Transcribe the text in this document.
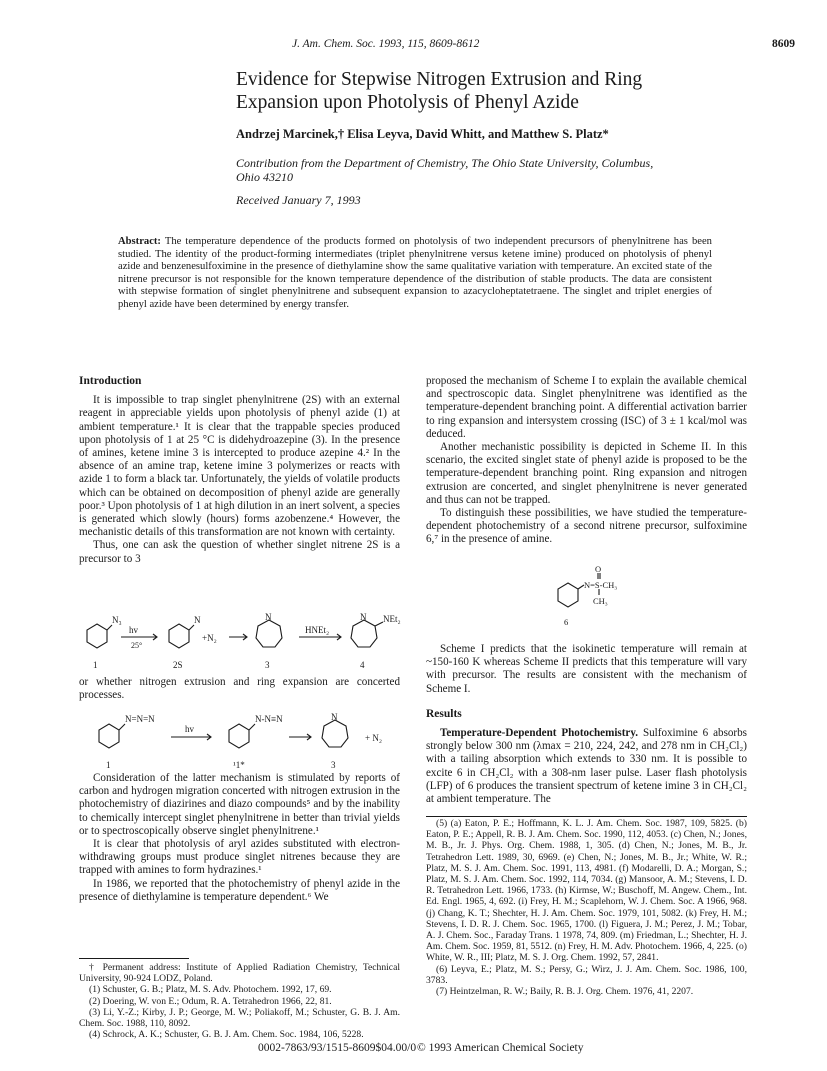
J. Am. Chem. Soc. 1993, 115, 8609-8612	8609
Evidence for Stepwise Nitrogen Extrusion and Ring Expansion upon Photolysis of Phenyl Azide
Andrzej Marcinek,† Elisa Leyva, David Whitt, and Matthew S. Platz*
Contribution from the Department of Chemistry, The Ohio State University, Columbus, Ohio 43210
Received January 7, 1993
Abstract: The temperature dependence of the products formed on photolysis of two independent precursors of phenylnitrene has been studied. The identity of the product-forming intermediates (triplet phenylnitrene versus ketene imine) produced on photolysis of phenyl azide and benzenesulfoximine in the presence of diethylamine show the same qualitative variation with temperature. An excited state of the nitrene precursor is not responsible for the known temperature dependence of the distribution of stable products. The data are consistent with stepwise formation of singlet phenylnitrene and subsequent expansion to azacycloheptatetraene. The singlet and triplet energies of phenyl azide have been determined by energy transfer.
Introduction

It is impossible to trap singlet phenylnitrene (2S) with an external reagent in appreciable yields upon photolysis of phenyl azide (1) at ambient temperature.¹ It is clear that the trappable species produced upon photolysis of 1 at 25 °C is didehydroazepine (3). In the presence of amines, ketene imine 3 is intercepted to produce azepine 4.² In the absence of an amine trap, ketene imine 3 polymerizes or reacts with azide 1 to form a black tar. Unfortunately, the yields of volatile products which can be obtained on decomposition of phenyl azide are generally poor.³ Upon photolysis of 1 at high dilution in an inert solvent, a species is generated which slowly (hours) forms azobenzene.⁴ However, the mechanistic details of this transformation are not known with certainty.

Thus, one can ask the question of whether singlet nitrene 2S is a precursor to 3

N₃
hv
25°
N
+N₂
N
HNEt₂
N NEt₂
1	2S	3	4

or whether nitrogen extrusion and ring expansion are concerted processes.

N=N=N
hv
N-N≡N	N
+ N₂
1	¹1*	3

Consideration of the latter mechanism is stimulated by reports of carbon and hydrogen migration concerted with nitrogen extrusion in the photochemistry of diazirines and diazo compounds⁵ and by the inability to chemically intercept singlet phenylnitrene in better than trivial yields or to spectroscopically observe singlet phenylnitrene.¹

It is clear that photolysis of aryl azides substituted with electron-withdrawing groups must produce singlet nitrenes because they are trapped with amines to form hydrazines.¹

In 1986, we reported that the photochemistry of phenyl azide in the presence of diethylamine is temperature dependent.⁶ We

† Permanent address: Institute of Applied Radiation Chemistry, Technical University, 90-924 LODZ, Poland.
(1) Schuster, G. B.; Platz, M. S. Adv. Photochem. 1992, 17, 69.
(2) Doering, W. von E.; Odum, R. A. Tetrahedron 1966, 22, 81.
(3) Li, Y.-Z.; Kirby, J. P.; George, M. W.; Poliakoff, M.; Schuster, G. B. J. Am. Chem. Soc. 1988, 110, 8092.
(4) Schrock, A. K.; Schuster, G. B. J. Am. Chem. Soc. 1984, 106, 5228.

proposed the mechanism of Scheme I to explain the available chemical and spectroscopic data. Singlet phenylnitrene was identified as the temperature-dependent branching point. A differential activation barrier to ring expansion and intersystem crossing (ISC) of 3 ± 1 kcal/mol was deduced.

Another mechanistic possibility is depicted in Scheme II. In this scenario, the excited singlet state of phenyl azide is proposed to be the temperature-dependent branching point. Ring expansion and nitrogen extrusion are concerted, and singlet phenylnitrene is never generated and thus can not be trapped.

To distinguish these possibilities, we have studied the temperature-dependent photochemistry of a second nitrene precursor, sulfoximine 6,⁷ in the presence of amine.

O
N=S-CH₃
CH₃
6

Scheme I predicts that the isokinetic temperature will remain at ~150-160 K whereas Scheme II predicts that this temperature will vary with precursor. The results are consistent with the mechanism of Scheme I.

Results

Temperature-Dependent Photochemistry. Sulfoximine 6 absorbs strongly below 300 nm (λmax = 210, 224, 242, and 278 nm in CH₂Cl₂) with a tailing absorption which extends to 330 nm. It is possible to excite 6 in CH₂Cl₂ with a 308-nm laser pulse. Laser flash photolysis (LFP) of 6 produces the transient spectrum of ketene imine 3 in CH₂Cl₂ at ambient temperature. The

(5) (a) Eaton, P. E.; Hoffmann, K. L. J. Am. Chem. Soc. 1987, 109, 5825. (b) Eaton, P. E.; Appell, R. B. J. Am. Chem. Soc. 1990, 112, 4053. (c) Chen, N.; Jones, M. B., Jr. J. Phys. Org. Chem. 1988, 1, 305. (d) Chen, N.; Jones, M. B., Jr. Tetrahedron Lett. 1989, 30, 6969. (e) Chen, N.; Jones, M. B., Jr.; White, W. R.; Platz, M. S. J. Am. Chem. Soc. 1991, 113, 4981. (f) Modarelli, D. A.; Morgan, S.; Platz, M. S. J. Am. Chem. Soc. 1992, 114, 7034. (g) Mansoor, A. M.; Stevens, I. D. R. Tetrahedron Lett. 1966, 1733. (h) Kirmse, W.; Buschoff, M. Angew. Chem., Int. Ed. Engl. 1965, 4, 692. (i) Frey, H. M.; Scaplehorn, W. J. Chem. Soc. A 1966, 968. (j) Chang, K. T.; Shechter, H. J. Am. Chem. Soc. 1979, 101, 5082. (k) Frey, H. M.; Stevens, I. D. R. J. Chem. Soc. 1965, 1700. (l) Figuera, J. M.; Perez, J. M.; Tobar, A. J. Chem. Soc., Faraday Trans. 1 1978, 74, 809. (m) Friedman, L.; Shechter, H. J. Am. Chem. Soc. 1959, 81, 5512. (n) Frey, H. M. Adv. Photochem. 1966, 4, 225. (o) White, W. R., III; Platz, M. S. J. Org. Chem. 1992, 57, 2841.
(6) Leyva, E.; Platz, M. S.; Persy, G.; Wirz, J. J. Am. Chem. Soc. 1986, 100, 3783.
(7) Heintzelman, R. W.; Baily, R. B. J. Org. Chem. 1976, 41, 2207.
0002-7863/93/1515-8609$04.00/0 © 1993 American Chemical Society
